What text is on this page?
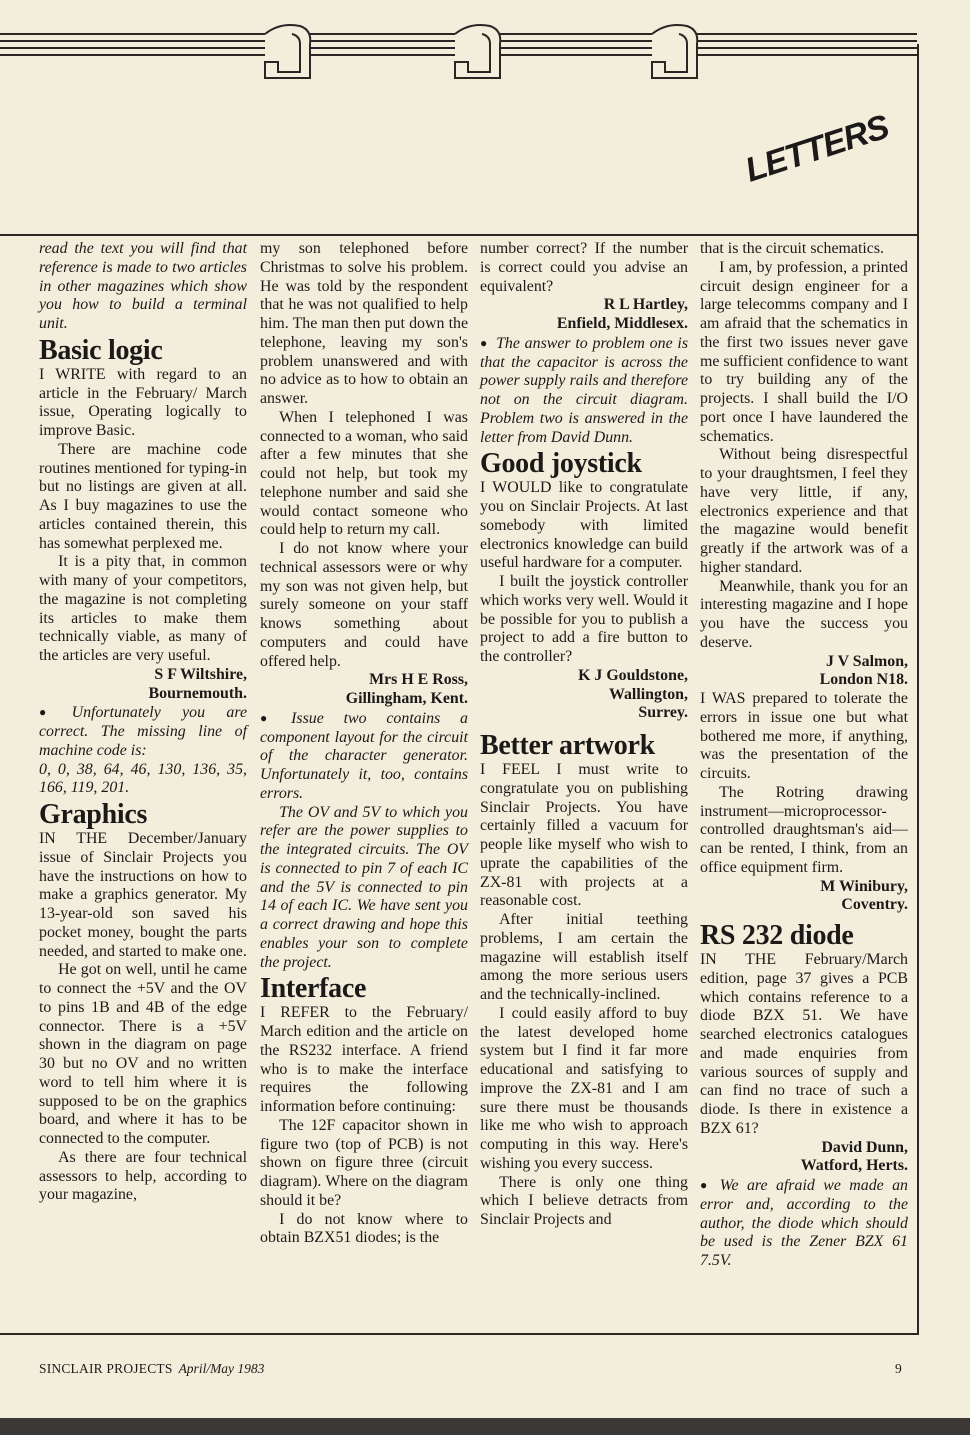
LETTERS

read the text you will find that reference is made to two articles in other magazines which show you how to build a terminal unit.

Basic logic

I WRITE with regard to an article in the February/ March issue, Operating logically to improve Basic.

There are machine code routines mentioned for typing-in but no listings are given at all. As I buy magazines to use the articles contained therein, this has somewhat perplexed me.

It is a pity that, in common with many of your competitors, the magazine is not completing its articles to make them technically viable, as many of the articles are very useful.

S F Wiltshire,
Bournemouth.

● Unfortunately you are correct. The missing line of machine code is:

0, 0, 38, 64, 46, 130, 136, 35, 166, 119, 201.

Graphics

IN THE December/January issue of Sinclair Projects you have the instructions on how to make a graphics generator. My 13-year-old son saved his pocket money, bought the parts needed, and started to make one.

He got on well, until he came to connect the +5V and the OV to pins 1B and 4B of the edge connector. There is a +5V shown in the diagram on page 30 but no OV and no written word to tell him where it is supposed to be on the graphics board, and where it has to be connected to the computer.

As there are four technical assessors to help, according to your magazine,

my son telephoned before Christmas to solve his problem. He was told by the respondent that he was not qualified to help him. The man then put down the telephone, leaving my son's problem unanswered and with no advice as to how to obtain an answer.

When I telephoned I was connected to a woman, who said after a few minutes that she could not help, but took my telephone number and said she would contact someone who could help to return my call.

I do not know where your technical assessors were or why my son was not given help, but surely someone on your staff knows something about computers and could have offered help.

Mrs H E Ross,
Gillingham, Kent.

● Issue two contains a component layout for the circuit of the character generator. Unfortunately it, too, contains errors.

The OV and 5V to which you refer are the power supplies to the integrated circuits. The OV is connected to pin 7 of each IC and the 5V is connected to pin 14 of each IC. We have sent you a correct drawing and hope this enables your son to complete the project.

Interface

I REFER to the February/ March edition and the article on the RS232 interface. A friend who is to make the interface requires the following information before continuing:

The 12F capacitor shown in figure two (top of PCB) is not shown on figure three (circuit diagram). Where on the diagram should it be?

I do not know where to obtain BZX51 diodes; is the

number correct? If the number is correct could you advise an equivalent?

R L Hartley,
Enfield, Middlesex.

● The answer to problem one is that the capacitor is across the power supply rails and therefore not on the circuit diagram. Problem two is answered in the letter from David Dunn.

Good joystick

I WOULD like to congratulate you on Sinclair Projects. At last somebody with limited electronics knowledge can build useful hardware for a computer.

I built the joystick controller which works very well. Would it be possible for you to publish a project to add a fire button to the controller?

K J Gouldstone,
Wallington,
Surrey.

Better artwork

I FEEL I must write to congratulate you on publishing Sinclair Projects. You have certainly filled a vacuum for people like myself who wish to uprate the capabilities of the ZX-81 with projects at a reasonable cost.

After initial teething problems, I am certain the magazine will establish itself among the more serious users and the technically-inclined.

I could easily afford to buy the latest developed home system but I find it far more educational and satisfying to improve the ZX-81 and I am sure there must be thousands like me who wish to approach computing in this way. Here's wishing you every success.

There is only one thing which I believe detracts from Sinclair Projects and

that is the circuit schematics.

I am, by profession, a printed circuit design engineer for a large telecomms company and I am afraid that the schematics in the first two issues never gave me sufficient confidence to want to try building any of the projects. I shall build the I/O port once I have laundered the schematics.

Without being disrespectful to your draughtsmen, I feel they have very little, if any, electronics experience and that the magazine would benefit greatly if the artwork was of a higher standard.

Meanwhile, thank you for an interesting magazine and I hope you have the success you deserve.

J V Salmon,
London N18.

I WAS prepared to tolerate the errors in issue one but what bothered me more, if anything, was the presentation of the circuits.

The Rotring drawing instrument—microprocessor-controlled draughtsman's aid—can be rented, I think, from an office equipment firm.

M Winibury,
Coventry.

RS 232 diode

IN THE February/March edition, page 37 gives a PCB which contains reference to a diode BZX 51. We have searched electronics catalogues and made enquiries from various sources of supply and can find no trace of such a diode. Is there in existence a BZX 61?

David Dunn,
Watford, Herts.

● We are afraid we made an error and, according to the author, the diode which should be used is the Zener BZX 61 7.5V.

SINCLAIR PROJECTS April/May 1983	9
